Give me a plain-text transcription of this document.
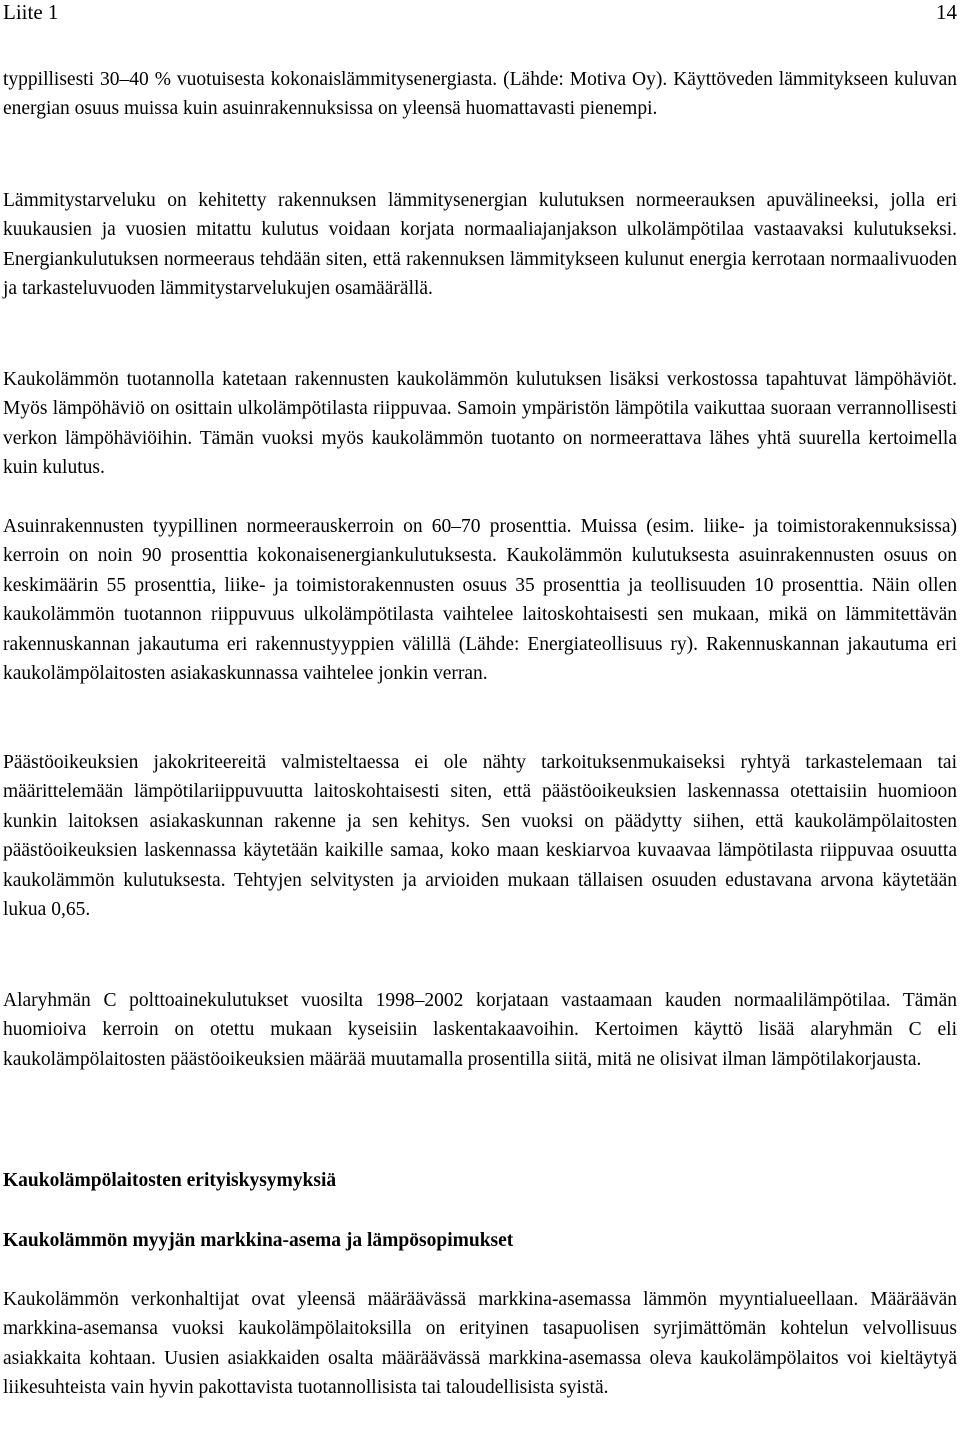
Liite 1	14

typpillisesti 30–40 % vuotuisesta kokonaislämmitysenergiasta. (Lähde: Motiva Oy). Käyttöveden lämmitykseen kuluvan energian osuus muissa kuin asuinrakennuksissa on yleensä huomattavasti pienempi.

Lämmitystarveluku on kehitetty rakennuksen lämmitysenergian kulutuksen normeerauksen apuvälineeksi, jolla eri kuukausien ja vuosien mitattu kulutus voidaan korjata normaaliajanjakson ulkolämpötilaa vastaavaksi kulutukseksi. Energiankulutuksen normeeraus tehdään siten, että rakennuksen lämmitykseen kulunut energia kerrotaan normaalivuoden ja tarkasteluvuoden lämmitystarvelukujen osamäärällä.

Kaukolämmön tuotannolla katetaan rakennusten kaukolämmön kulutuksen lisäksi verkostossa tapahtuvat lämpöhäviöt. Myös lämpöhäviö on osittain ulkolämpötilasta riippuvaa. Samoin ympäristön lämpötila vaikuttaa suoraan verrannollisesti verkon lämpöhäviöihin. Tämän vuoksi myös kaukolämmön tuotanto on normeerattava lähes yhtä suurella kertoimella kuin kulutus.

Asuinrakennusten tyypillinen normeerauskerroin on 60–70 prosenttia. Muissa (esim. liike- ja toimistorakennuksissa) kerroin on noin 90 prosenttia kokonaisenergiankulutuksesta. Kaukolämmön kulutuksesta asuinrakennusten osuus on keskimäärin 55 prosenttia, liike- ja toimistorakennusten osuus 35 prosenttia ja teollisuuden 10 prosenttia. Näin ollen kaukolämmön tuotannon riippuvuus ulkolämpötilasta vaihtelee laitoskohtaisesti sen mukaan, mikä on lämmitettävän rakennuskannan jakautuma eri rakennustyyppien välillä (Lähde: Energiateollisuus ry). Rakennuskannan jakautuma eri kaukolämpölaitosten asiakaskunnassa vaihtelee jonkin verran.

Päästöoikeuksien jakokriteereitä valmisteltaessa ei ole nähty tarkoituksenmukaiseksi ryhtyä tarkastelemaan tai määrittelemään lämpötilariippuvuutta laitoskohtaisesti siten, että päästöoikeuksien laskennassa otettaisiin huomioon kunkin laitoksen asiakaskunnan rakenne ja sen kehitys. Sen vuoksi on päädytty siihen, että kaukolämpölaitosten päästöoikeuksien laskennassa käytetään kaikille samaa, koko maan keskiarvoa kuvaavaa lämpötilasta riippuvaa osuutta kaukolämmön kulutuksesta. Tehtyjen selvitysten ja arvioiden mukaan tällaisen osuuden edustavana arvona käytetään lukua 0,65.

Alaryhmän C polttoainekulutukset vuosilta 1998–2002 korjataan vastaamaan kauden normaalilämpötilaa. Tämän huomioiva kerroin on otettu mukaan kyseisiin laskentakaavoihin. Kertoimen käyttö lisää alaryhmän C eli kaukolämpölaitosten päästöoikeuksien määrää muutamalla prosentilla siitä, mitä ne olisivat ilman lämpötilakorjausta.

Kaukolämpölaitosten erityiskysymyksiä
Kaukolämmön myyjän markkina-asema ja lämpösopimukset

Kaukolämmön verkonhaltijat ovat yleensä määräävässä markkina-asemassa lämmön myyntialueellaan. Määräävän markkina-asemansa vuoksi kaukolämpölaitoksilla on erityinen tasapuolisen syrjimättömän kohtelun velvollisuus asiakkaita kohtaan. Uusien asiakkaiden osalta määräävässä markkina-asemassa oleva kaukolämpölaitos voi kieltäytyä liikesuhteista vain hyvin pakottavista tuotannollisista tai taloudellisista syistä.
